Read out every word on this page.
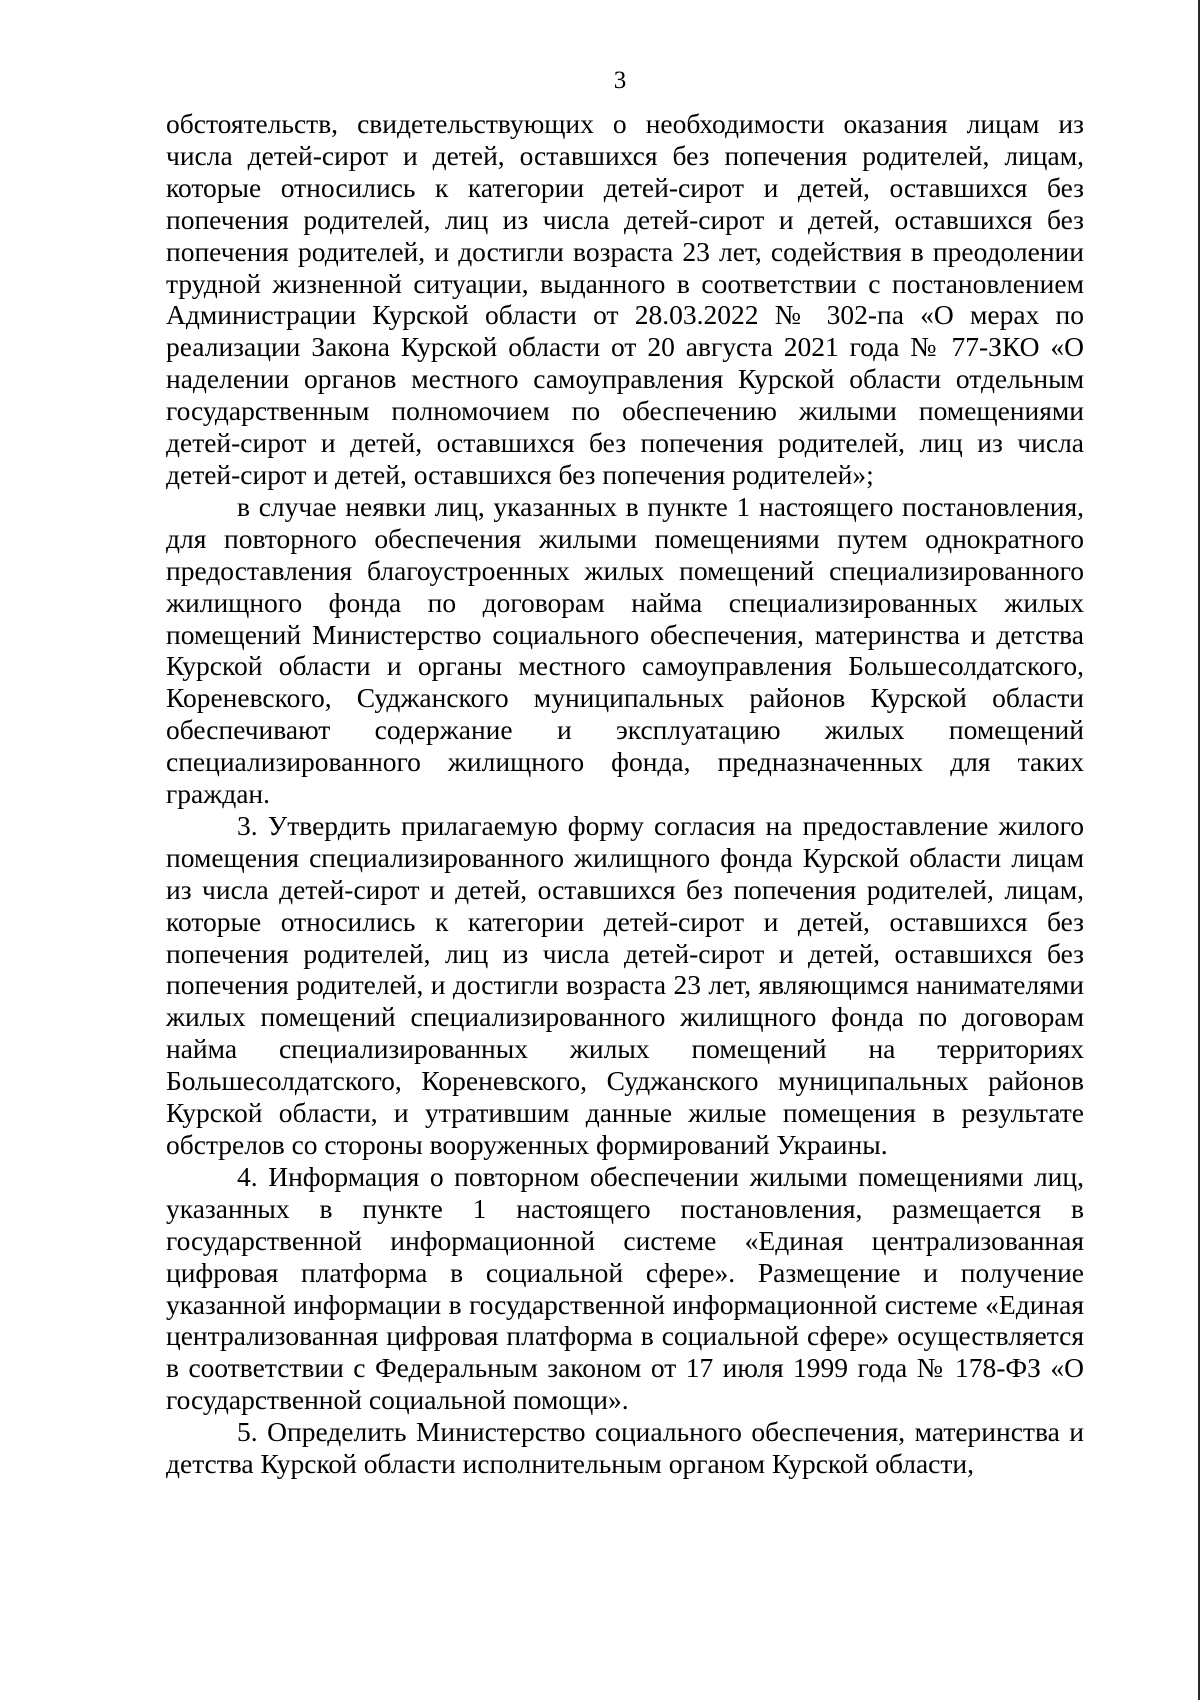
3

обстоятельств, свидетельствующих о необходимости оказания лицам из числа детей-сирот и детей, оставшихся без попечения родителей, лицам, которые относились к категории детей-сирот и детей, оставшихся без попечения родителей, лиц из числа детей-сирот и детей, оставшихся без попечения родителей, и достигли возраста 23 лет, содействия в преодолении трудной жизненной ситуации, выданного в соответствии с постановлением Администрации Курской области от 28.03.2022 № 302-па «О мерах по реализации Закона Курской области от 20 августа 2021 года № 77-ЗКО «О наделении органов местного самоуправления Курской области отдельным государственным полномочием по обеспечению жилыми помещениями детей-сирот и детей, оставшихся без попечения родителей, лиц из числа детей-сирот и детей, оставшихся без попечения родителей»;

в случае неявки лиц, указанных в пункте 1 настоящего постановления, для повторного обеспечения жилыми помещениями путем однократного предоставления благоустроенных жилых помещений специализированного жилищного фонда по договорам найма специализированных жилых помещений Министерство социального обеспечения, материнства и детства Курской области и органы местного самоуправления Большесолдатского, Кореневского, Суджанского муниципальных районов Курской области обеспечивают содержание и эксплуатацию жилых помещений специализированного жилищного фонда, предназначенных для таких граждан.

3. Утвердить прилагаемую форму согласия на предоставление жилого помещения специализированного жилищного фонда Курской области лицам из числа детей-сирот и детей, оставшихся без попечения родителей, лицам, которые относились к категории детей-сирот и детей, оставшихся без попечения родителей, лиц из числа детей-сирот и детей, оставшихся без попечения родителей, и достигли возраста 23 лет, являющимся нанимателями жилых помещений специализированного жилищного фонда по договорам найма специализированных жилых помещений на территориях Большесолдатского, Кореневского, Суджанского муниципальных районов Курской области, и утратившим данные жилые помещения в результате обстрелов со стороны вооруженных формирований Украины.

4. Информация о повторном обеспечении жилыми помещениями лиц, указанных в пункте 1 настоящего постановления, размещается в государственной информационной системе «Единая централизованная цифровая платформа в социальной сфере». Размещение и получение указанной информации в государственной информационной системе «Единая централизованная цифровая платформа в социальной сфере» осуществляется в соответствии с Федеральным законом от 17 июля 1999 года № 178-ФЗ «О государственной социальной помощи».

5. Определить Министерство социального обеспечения, материнства и детства Курской области исполнительным органом Курской области,
